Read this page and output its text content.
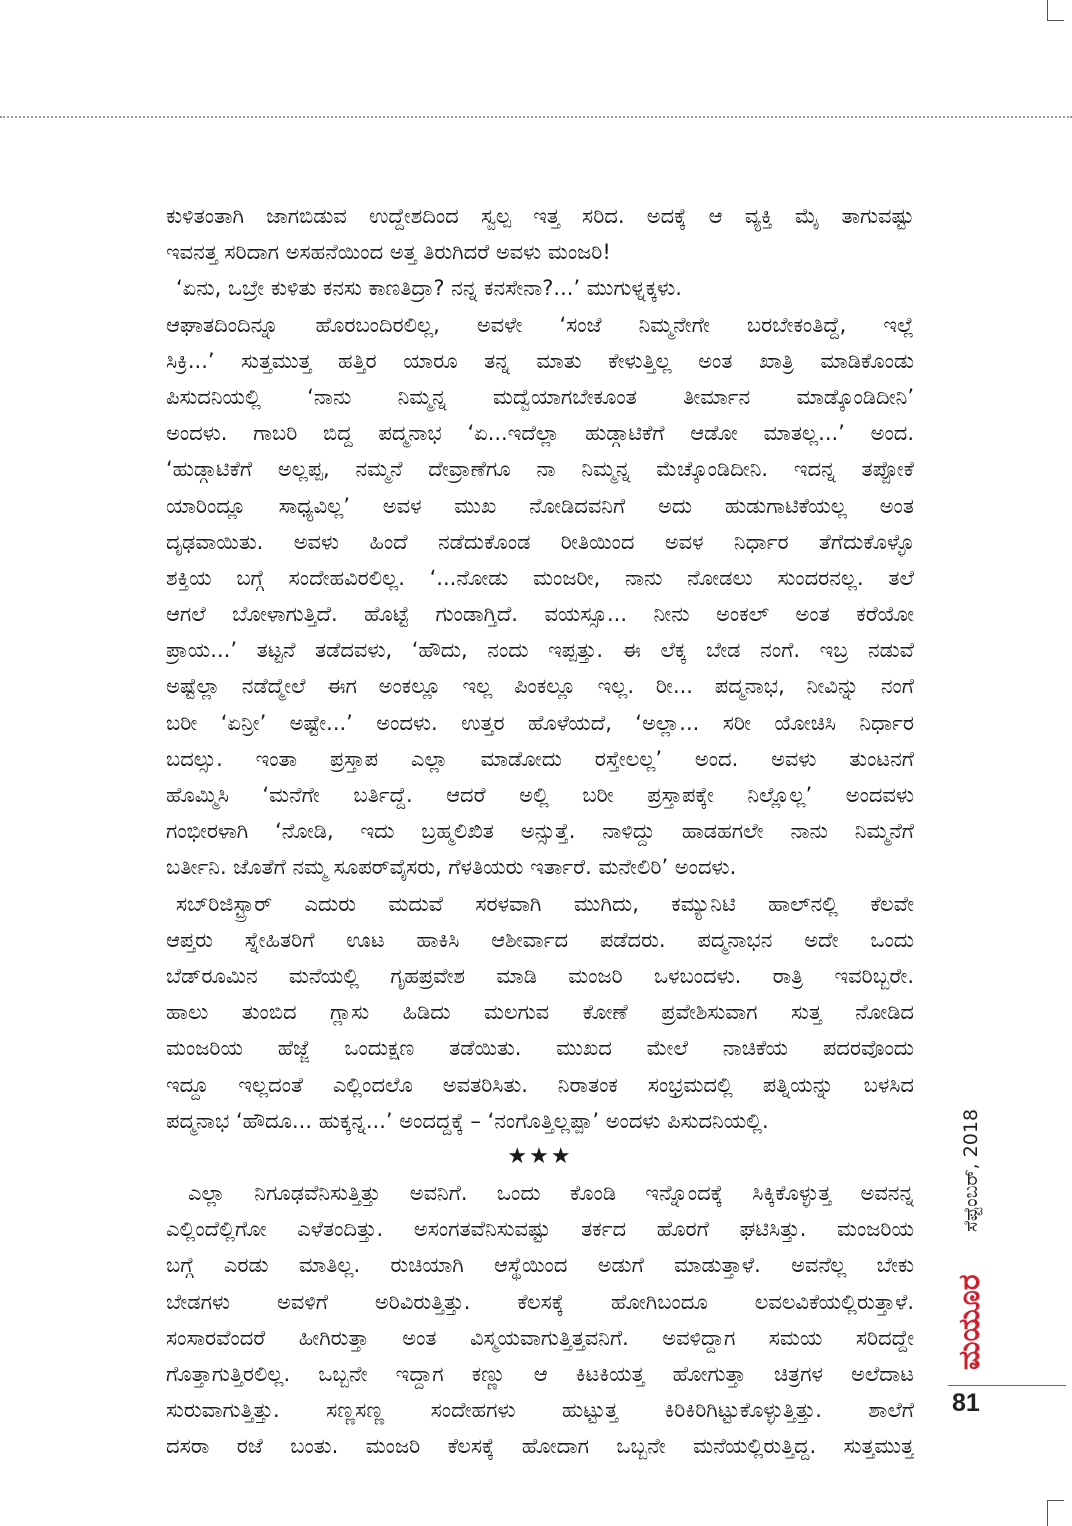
ಕುಳಿತಂತಾಗಿ ಜಾಗಬಿಡುವ ಉದ್ದೇಶದಿಂದ ಸ್ವಲ್ಪ ಇತ್ತ ಸರಿದ. ಅದಕ್ಕೆ ಆ ವ್ಯಕ್ತಿ ಮೈ ತಾಗುವಷ್ಟು
ಇವನತ್ತ ಸರಿದಾಗ ಅಸಹನೆಯಿಂದ ಅತ್ತ ತಿರುಗಿದರೆ ಅವಳು ಮಂಜರಿ!
‘ಏನು, ಒಬ್ರೇ ಕುಳಿತು ಕನಸು ಕಾಣತಿದ್ರಾ? ನನ್ನ ಕನಸೇನಾ?...’ ಮುಗುಳ್ನಕ್ಕಳು.
ಆಘಾತದಿಂದಿನ್ನೂ ಹೊರಬಂದಿರಲಿಲ್ಲ, ಅವಳೇ ‘ಸಂಜೆ ನಿಮ್ಮನೇಗೇ ಬರಬೇಕಂತಿದ್ದೆ, ಇಲ್ಲೆ
ಸಿಕ್ರಿ...’ ಸುತ್ತಮುತ್ತ ಹತ್ತಿರ ಯಾರೂ ತನ್ನ ಮಾತು ಕೇಳುತ್ತಿಲ್ಲ ಅಂತ ಖಾತ್ರಿ ಮಾಡಿಕೊಂಡು
ಪಿಸುದನಿಯಲ್ಲಿ ‘ನಾನು ನಿಮ್ಮನ್ನ ಮದ್ವೆಯಾಗಬೇಕೂಂತ ತೀರ್ಮಾನ ಮಾಡ್ಕೊಂಡಿದೀನಿ’
ಅಂದಳು. ಗಾಬರಿ ಬಿದ್ದ ಪದ್ಮನಾಭ ‘ಏ...ಇದೆಲ್ಲಾ ಹುಡ್ಗಾಟಿಕೆಗೆ ಆಡೋ ಮಾತಲ್ಲ...’ ಅಂದ.
‘ಹುಡ್ಗಾಟಿಕೆಗೆ ಅಲ್ಲಪ್ಪ, ನಮ್ಮನೆ ದೇವ್ರಾಣೆಗೂ ನಾ ನಿಮ್ಮನ್ನ ಮೆಚ್ಕೊಂಡಿದೀನಿ. ಇದನ್ನ ತಪ್ಪೋಕೆ
ಯಾರಿಂದ್ಲೂ ಸಾಧ್ಯವಿಲ್ಲ’ ಅವಳ ಮುಖ ನೋಡಿದವನಿಗೆ ಅದು ಹುಡುಗಾಟಿಕೆಯಲ್ಲ ಅಂತ
ದೃಢವಾಯಿತು. ಅವಳು ಹಿಂದೆ ನಡೆದುಕೊಂಡ ರೀತಿಯಿಂದ ಅವಳ ನಿರ್ಧಾರ ತೆಗೆದುಕೊಳ್ಳೊ
ಶಕ್ತಿಯ ಬಗ್ಗೆ ಸಂದೇಹವಿರಲಿಲ್ಲ. ‘...ನೋಡು ಮಂಜರೀ, ನಾನು ನೋಡಲು ಸುಂದರನಲ್ಲ. ತಲೆ
ಆಗಲೆ ಬೋಳಾಗುತ್ತಿದೆ. ಹೊಟ್ಟೆ ಗುಂಡಾಗ್ತಿದೆ. ವಯಸ್ಸೂ... ನೀನು ಅಂಕಲ್ ಅಂತ ಕರೆಯೋ
ಪ್ರಾಯ...’ ತಟ್ಟನೆ ತಡೆದವಳು, ‘ಹೌದು, ನಂದು ಇಪ್ಪತ್ತು. ಈ ಲೆಕ್ಕ ಬೇಡ ನಂಗೆ. ಇಬ್ರ ನಡುವೆ
ಅಷ್ಟೆಲ್ಲಾ ನಡೆದ್ಮೇಲೆ ಈಗ ಅಂಕಲ್ಲೂ ಇಲ್ಲ ಪಿಂಕಲ್ಲೂ ಇಲ್ಲ. ರೀ... ಪದ್ಮನಾಭ, ನೀವಿನ್ನು ನಂಗೆ
ಬರೀ ‘ಏನ್ರೀ’ ಅಷ್ಟೇ...’ ಅಂದಳು. ಉತ್ತರ ಹೊಳೆಯದೆ, ‘ಅಲ್ಲಾ... ಸರೀ ಯೋಚಿಸಿ ನಿರ್ಧಾರ
ಬದಲ್ಸು. ಇಂತಾ ಪ್ರಸ್ತಾಪ ಎಲ್ಲಾ ಮಾಡೋದು ರಸ್ತೇಲಲ್ಲ’ ಅಂದ. ಅವಳು ತುಂಟನಗೆ
ಹೊಮ್ಮಿಸಿ ‘ಮನೆಗೇ ಬರ್ತಿದ್ದೆ. ಆದರೆ ಅಲ್ಲಿ ಬರೀ ಪ್ರಸ್ತಾಪಕ್ಕೇ ನಿಲ್ಲೊಲ್ಲ’ ಅಂದವಳು
ಗಂಭೀರಳಾಗಿ ‘ನೋಡಿ, ಇದು ಬ್ರಹ್ಮಲಿಖಿತ ಅನ್ಸುತ್ತೆ. ನಾಳಿದ್ದು ಹಾಡಹಗಲೇ ನಾನು ನಿಮ್ಮನೆಗೆ
ಬರ್ತೀನಿ. ಜೊತೆಗೆ ನಮ್ಮ ಸೂಪರ್‌ವೈಸರು, ಗೆಳತಿಯರು ಇರ್ತಾರೆ. ಮನೇಲಿರಿ’ ಅಂದಳು.
ಸಬ್‌ರಿಜಿಸ್ಟ್ರಾರ್ ಎದುರು ಮದುವೆ ಸರಳವಾಗಿ ಮುಗಿದು, ಕಮ್ಯುನಿಟಿ ಹಾಲ್‌ನಲ್ಲಿ ಕೆಲವೇ
ಆಪ್ತರು ಸ್ನೇಹಿತರಿಗೆ ಊಟ ಹಾಕಿಸಿ ಆಶೀರ್ವಾದ ಪಡೆದರು. ಪದ್ಮನಾಭನ ಅದೇ ಒಂದು
ಬೆಡ್‌ರೂಮಿನ ಮನೆಯಲ್ಲಿ ಗೃಹಪ್ರವೇಶ ಮಾಡಿ ಮಂಜರಿ ಒಳಬಂದಳು. ರಾತ್ರಿ ಇವರಿಬ್ಬರೇ.
ಹಾಲು ತುಂಬಿದ ಗ್ಲಾಸು ಹಿಡಿದು ಮಲಗುವ ಕೋಣೆ ಪ್ರವೇಶಿಸುವಾಗ ಸುತ್ತ ನೋಡಿದ
ಮಂಜರಿಯ ಹೆಜ್ಜೆ ಒಂದುಕ್ಷಣ ತಡೆಯಿತು. ಮುಖದ ಮೇಲೆ ನಾಚಿಕೆಯ ಪದರವೊಂದು
ಇದ್ದೂ ಇಲ್ಲದಂತೆ ಎಲ್ಲಿಂದಲೊ ಅವತರಿಸಿತು. ನಿರಾತಂಕ ಸಂಭ್ರಮದಲ್ಲಿ ಪತ್ನಿಯನ್ನು ಬಳಸಿದ
ಪದ್ಮನಾಭ ‘ಹೌದೂ... ಹುಕ್ಕನ್ನ...’ ಅಂದದ್ದಕ್ಕೆ – ‘ನಂಗೊತ್ತಿಲ್ಲಪ್ಪಾ’ ಅಂದಳು ಪಿಸುದನಿಯಲ್ಲಿ.
★★★
ಎಲ್ಲಾ ನಿಗೂಢವೆನಿಸುತ್ತಿತ್ತು ಅವನಿಗೆ. ಒಂದು ಕೊಂಡಿ ಇನ್ನೊಂದಕ್ಕೆ ಸಿಕ್ಕಿಕೊಳ್ಳುತ್ತ ಅವನನ್ನ
ಎಲ್ಲಿಂದೆಲ್ಲಿಗೋ ಎಳೆತಂದಿತ್ತು. ಅಸಂಗತವೆನಿಸುವಷ್ಟು ತರ್ಕದ ಹೊರಗೆ ಘಟಿಸಿತ್ತು. ಮಂಜರಿಯ
ಬಗ್ಗೆ ಎರಡು ಮಾತಿಲ್ಲ. ರುಚಿಯಾಗಿ ಆಸ್ಥೆಯಿಂದ ಅಡುಗೆ ಮಾಡುತ್ತಾಳೆ. ಅವನೆಲ್ಲ ಬೇಕು
ಬೇಡಗಳು ಅವಳಿಗೆ ಅರಿವಿರುತ್ತಿತ್ತು. ಕೆಲಸಕ್ಕೆ ಹೋಗಿಬಂದೂ ಲವಲವಿಕೆಯಲ್ಲಿರುತ್ತಾಳೆ.
ಸಂಸಾರವೆಂದರೆ ಹೀಗಿರುತ್ತಾ ಅಂತ ವಿಸ್ಮಯವಾಗುತ್ತಿತ್ತವನಿಗೆ. ಅವಳಿದ್ದಾಗ ಸಮಯ ಸರಿದದ್ದೇ
ಗೊತ್ತಾಗುತ್ತಿರಲಿಲ್ಲ. ಒಬ್ಬನೇ ಇದ್ದಾಗ ಕಣ್ಣು ಆ ಕಿಟಕಿಯತ್ತ ಹೋಗುತ್ತಾ ಚಿತ್ರಗಳ ಅಲೆದಾಟ
ಸುರುವಾಗುತ್ತಿತ್ತು. ಸಣ್ಣಸಣ್ಣ ಸಂದೇಹಗಳು ಹುಟ್ಟುತ್ತ ಕಿರಿಕಿರಿಗಿಟ್ಟುಕೊಳ್ಳುತ್ತಿತ್ತು. ಶಾಲೆಗೆ
ದಸರಾ ರಜೆ ಬಂತು. ಮಂಜರಿ ಕೆಲಸಕ್ಕೆ ಹೋದಾಗ ಒಬ್ಬನೇ ಮನೆಯಲ್ಲಿರುತ್ತಿದ್ದ. ಸುತ್ತಮುತ್ತ
ಸೆಪ್ಟೆಂಬರ್, 2018
ಮಯೂರ
81
